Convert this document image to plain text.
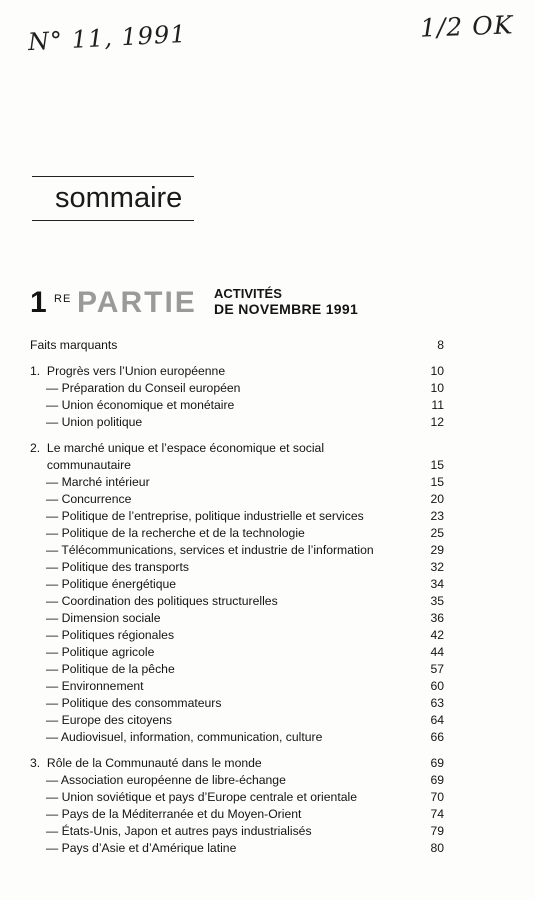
N° 11, 1991	1/2 OK
sommaire
1 RE PARTIE ACTIVITÉS
DE NOVEMBRE 1991
Faits marquants	8
1.  Progrès vers l’Union européenne	10
— Préparation du Conseil européen	10
— Union économique et monétaire	11
— Union politique	12
2.  Le marché unique et l’espace économique et social
communautaire	15
— Marché intérieur	15
— Concurrence	20
— Politique de l’entreprise, politique industrielle et services	23
— Politique de la recherche et de la technologie	25
— Télécommunications, services et industrie de l’information	29
— Politique des transports	32
— Politique énergétique	34
— Coordination des politiques structurelles	35
— Dimension sociale	36
— Politiques régionales	42
— Politique agricole	44
— Politique de la pêche	57
— Environnement	60
— Politique des consommateurs	63
— Europe des citoyens	64
— Audiovisuel, information, communication, culture	66
3.  Rôle de la Communauté dans le monde	69
— Association européenne de libre-échange	69
— Union soviétique et pays d’Europe centrale et orientale	70
— Pays de la Méditerranée et du Moyen-Orient	74
— États-Unis, Japon et autres pays industrialisés	79
— Pays d’Asie et d’Amérique latine	80
